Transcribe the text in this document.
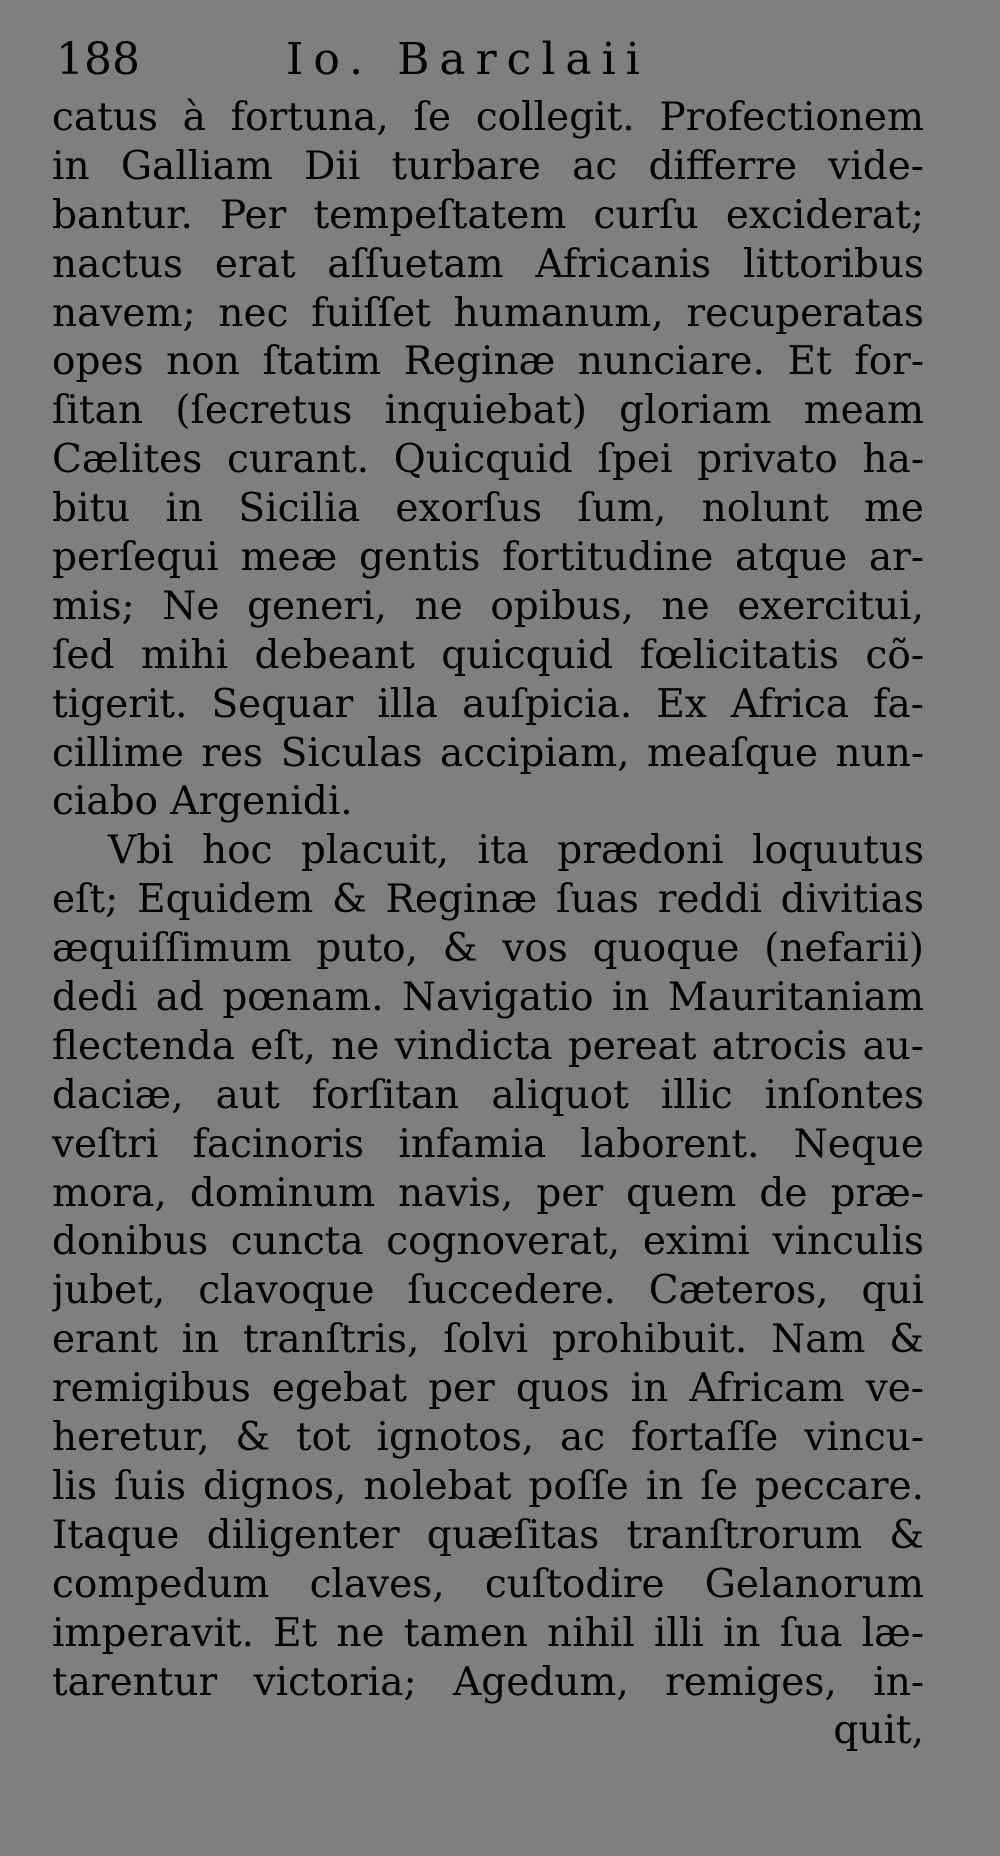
188	Io. Barclaii
catus à fortuna, ſe collegit. Profectionem
in Galliam Dii turbare ac differre vide-
bantur. Per tempeſtatem curſu exciderat;
nactus erat aſſuetam Africanis littoribus
navem; nec fuiſſet humanum, recuperatas
opes non ſtatim Reginæ nunciare. Et for-
ſitan (ſecretus inquiebat) gloriam meam
Cælites curant. Quicquid ſpei privato ha-
bitu in Sicilia exorſus ſum, nolunt me
perſequi meæ gentis fortitudine atque ar-
mis; Ne generi, ne opibus, ne exercitui,
ſed mihi debeant quicquid fœlicitatis cõ-
tigerit. Sequar illa auſpicia. Ex Africa fa-
cillime res Siculas accipiam, meaſque nun-
ciabo Argenidi.
Vbi hoc placuit, ita prædoni loquutus
eſt; Equidem & Reginæ ſuas reddi divitias
æquiſſimum puto, & vos quoque (nefarii)
dedi ad pœnam. Navigatio in Mauritaniam
flectenda eſt, ne vindicta pereat atrocis au-
daciæ, aut forſitan aliquot illic inſontes
veſtri facinoris infamia laborent. Neque
mora, dominum navis, per quem de præ-
donibus cuncta cognoverat, eximi vinculis
jubet, clavoque ſuccedere. Cæteros, qui
erant in tranſtris, ſolvi prohibuit. Nam &
remigibus egebat per quos in Africam ve-
heretur, & tot ignotos, ac fortaſſe vincu-
lis ſuis dignos, nolebat poſſe in ſe peccare.
Itaque diligenter quæſitas tranſtrorum &
compedum claves, cuſtodire Gelanorum
imperavit. Et ne tamen nihil illi in ſua læ-
tarentur victoria; Agedum, remiges, in-
quit,
